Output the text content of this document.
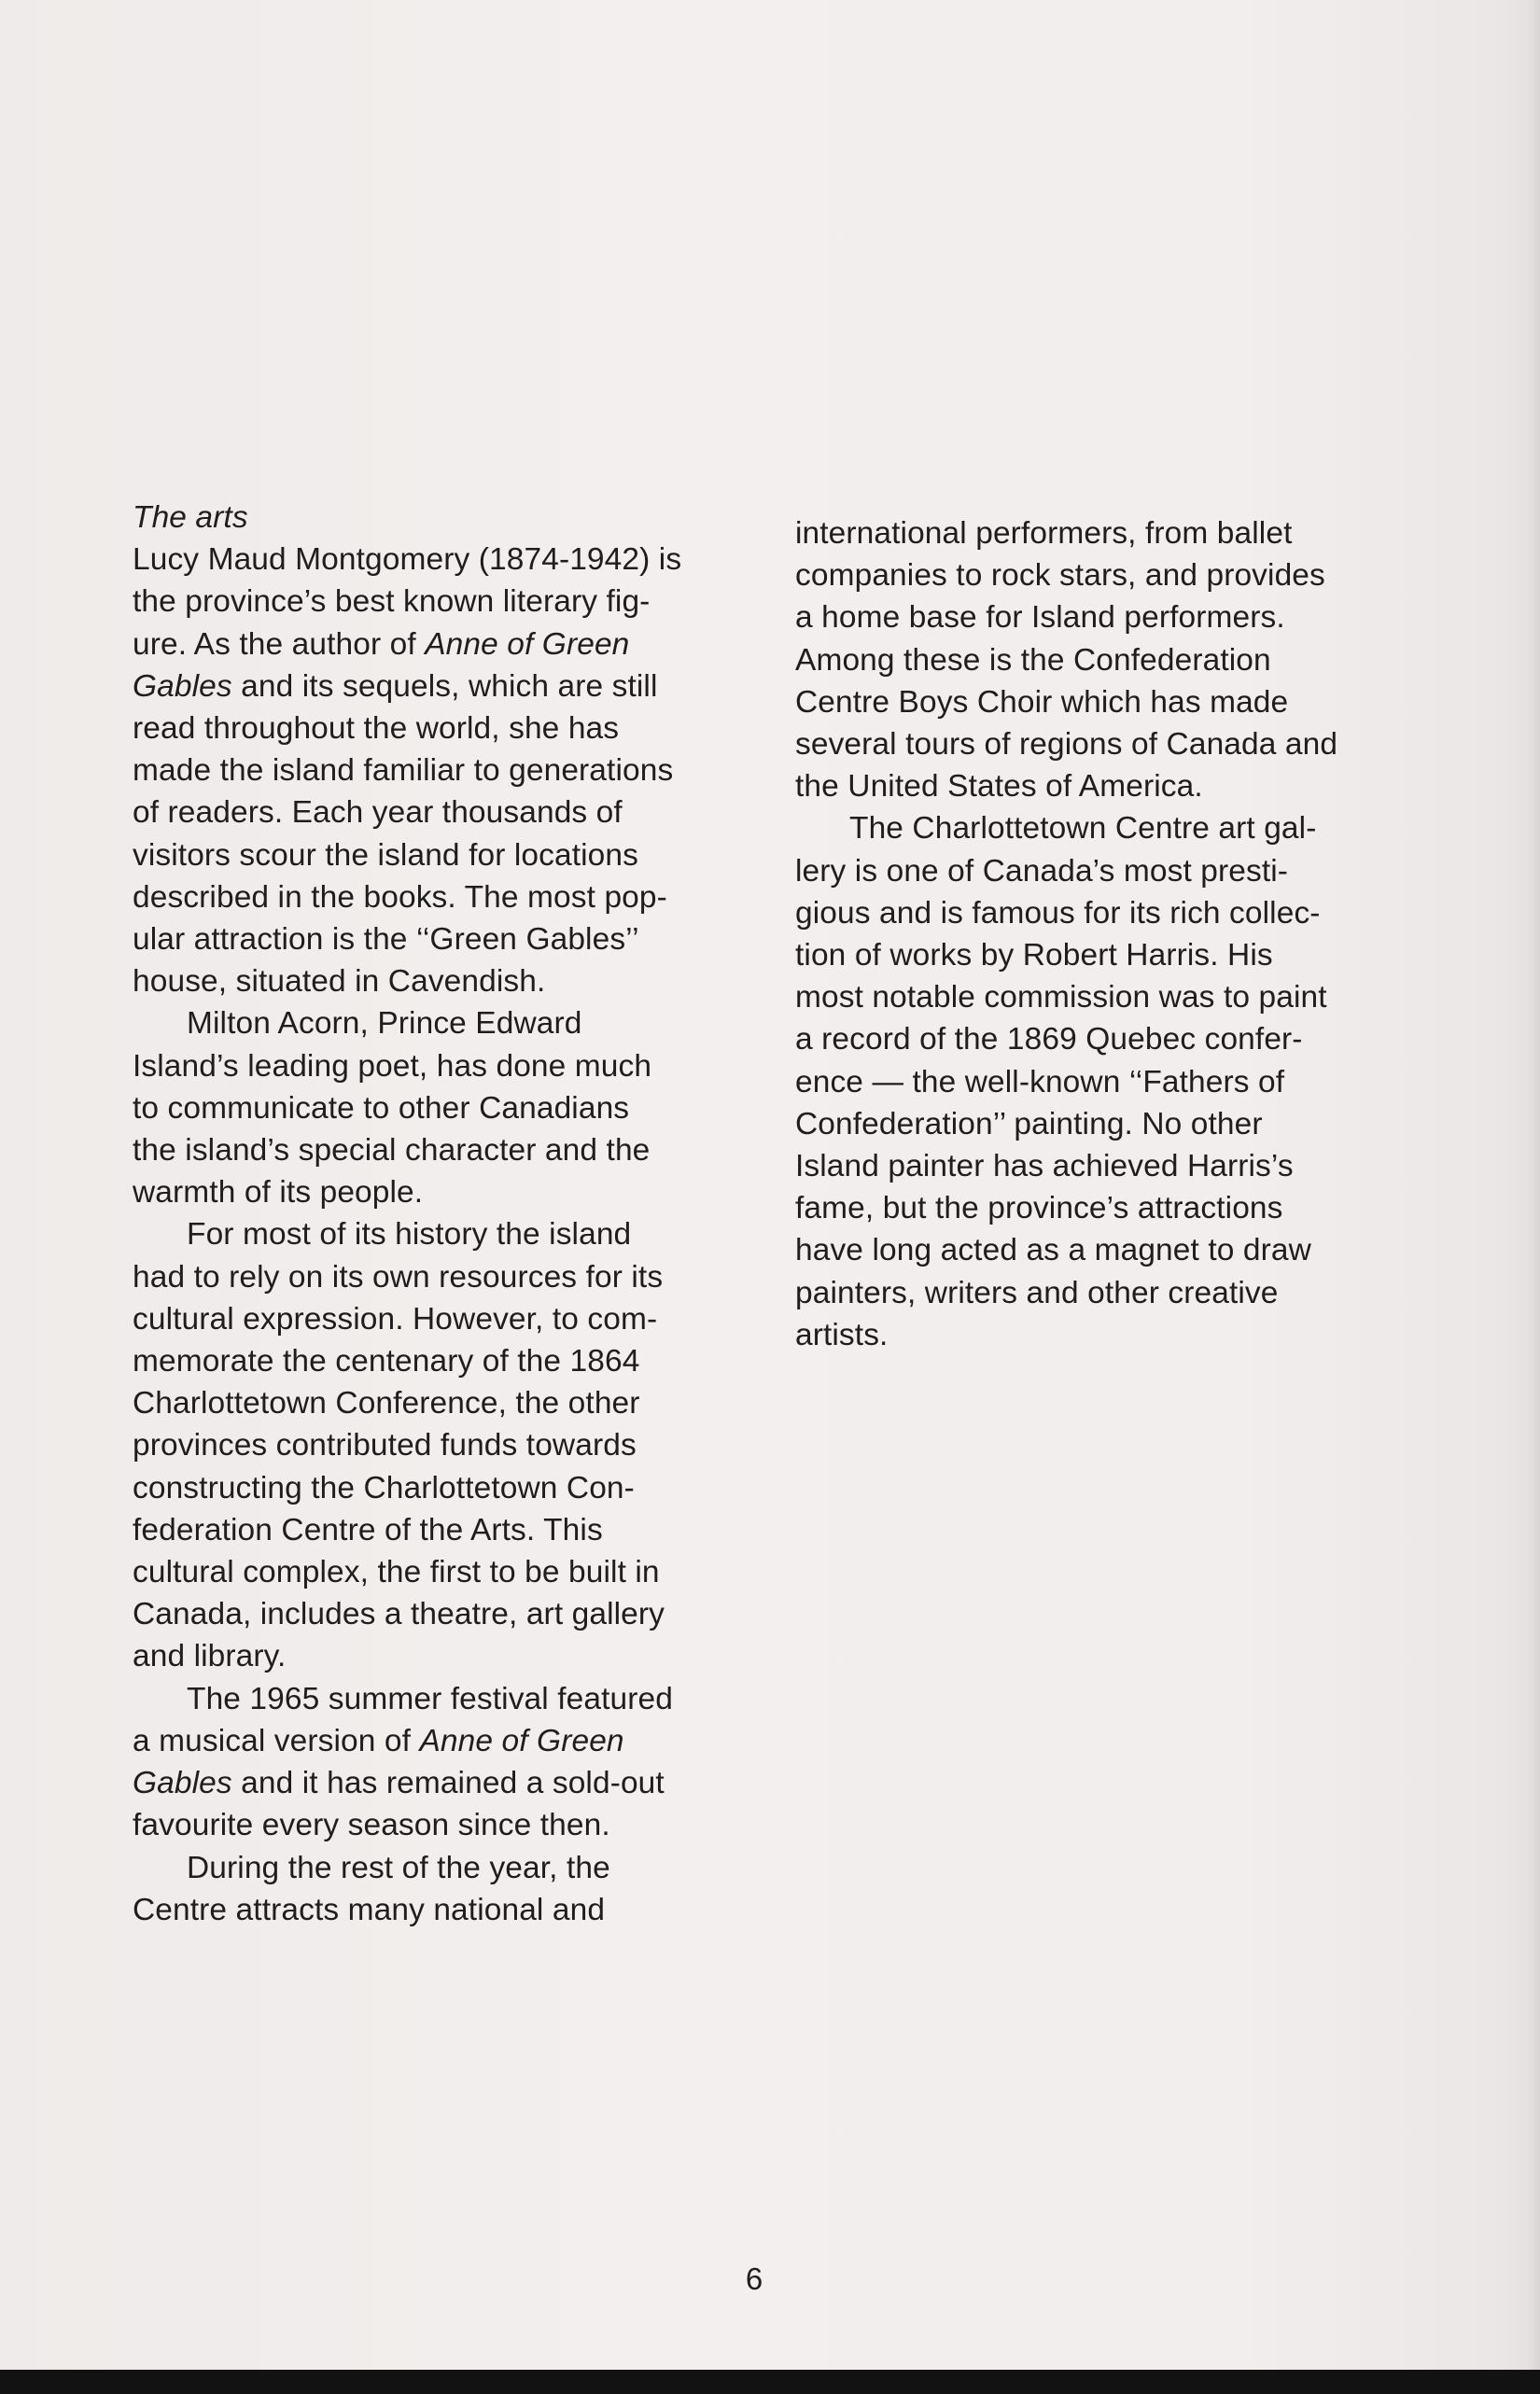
The arts
Lucy Maud Montgomery (1874-1942) is
the province’s best known literary fig-
ure. As the author of Anne of Green
Gables and its sequels, which are still
read throughout the world, she has
made the island familiar to generations
of readers. Each year thousands of
visitors scour the island for locations
described in the books. The most pop-
ular attraction is the ‘‘Green Gables’’
house, situated in Cavendish.
Milton Acorn, Prince Edward
Island’s leading poet, has done much
to communicate to other Canadians
the island’s special character and the
warmth of its people.
For most of its history the island
had to rely on its own resources for its
cultural expression. However, to com-
memorate the centenary of the 1864
Charlottetown Conference, the other
provinces contributed funds towards
constructing the Charlottetown Con-
federation Centre of the Arts. This
cultural complex, the first to be built in
Canada, includes a theatre, art gallery
and library.
The 1965 summer festival featured
a musical version of Anne of Green
Gables and it has remained a sold-out
favourite every season since then.
During the rest of the year, the
Centre attracts many national and
international performers, from ballet
companies to rock stars, and provides
a home base for Island performers.
Among these is the Confederation
Centre Boys Choir which has made
several tours of regions of Canada and
the United States of America.
The Charlottetown Centre art gal-
lery is one of Canada’s most presti-
gious and is famous for its rich collec-
tion of works by Robert Harris. His
most notable commission was to paint
a record of the 1869 Quebec confer-
ence — the well-known ‘‘Fathers of
Confederation’’ painting. No other
Island painter has achieved Harris’s
fame, but the province’s attractions
have long acted as a magnet to draw
painters, writers and other creative
artists.
6
